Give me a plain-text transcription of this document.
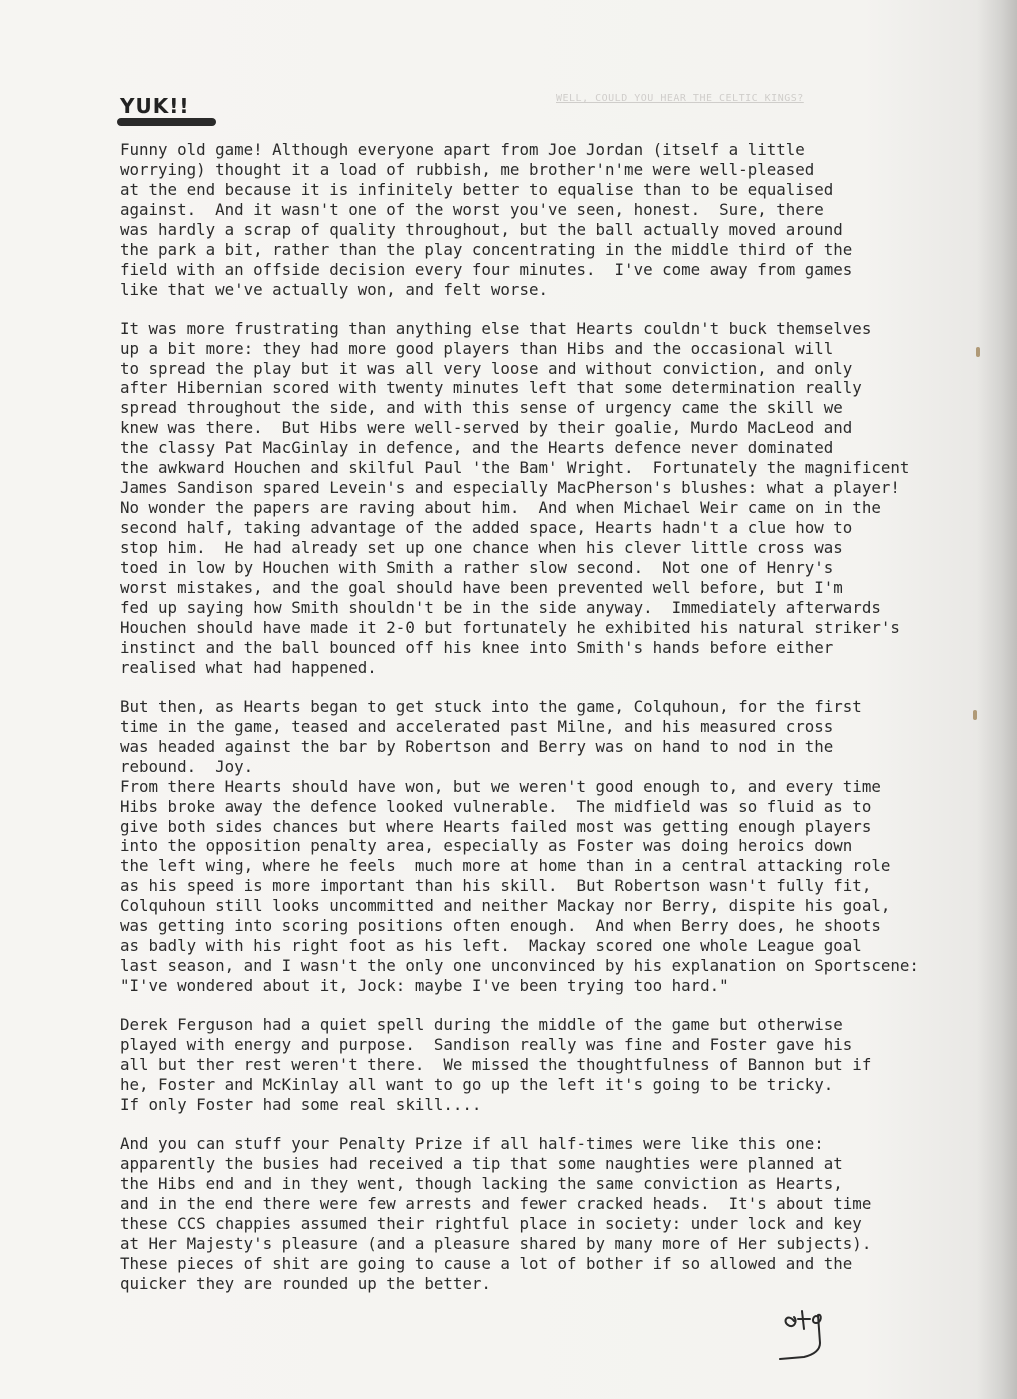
WELL, COULD YOU HEAR THE CELTIC KINGS?
YUK!!
Funny old game! Although everyone apart from Joe Jordan (itself a little
worrying) thought it a load of rubbish, me brother'n'me were well-pleased
at the end because it is infinitely better to equalise than to be equalised
against.  And it wasn't one of the worst you've seen, honest.  Sure, there
was hardly a scrap of quality throughout, but the ball actually moved around
the park a bit, rather than the play concentrating in the middle third of the
field with an offside decision every four minutes.  I've come away from games
like that we've actually won, and felt worse.
It was more frustrating than anything else that Hearts couldn't buck themselves
up a bit more: they had more good players than Hibs and the occasional will
to spread the play but it was all very loose and without conviction, and only
after Hibernian scored with twenty minutes left that some determination really
spread throughout the side, and with this sense of urgency came the skill we
knew was there.  But Hibs were well-served by their goalie, Murdo MacLeod and
the classy Pat MacGinlay in defence, and the Hearts defence never dominated
the awkward Houchen and skilful Paul 'the Bam' Wright.  Fortunately the magnificent
James Sandison spared Levein's and especially MacPherson's blushes: what a player!
No wonder the papers are raving about him.  And when Michael Weir came on in the
second half, taking advantage of the added space, Hearts hadn't a clue how to
stop him.  He had already set up one chance when his clever little cross was
toed in low by Houchen with Smith a rather slow second.  Not one of Henry's
worst mistakes, and the goal should have been prevented well before, but I'm
fed up saying how Smith shouldn't be in the side anyway.  Immediately afterwards
Houchen should have made it 2-0 but fortunately he exhibited his natural striker's
instinct and the ball bounced off his knee into Smith's hands before either
realised what had happened.
But then, as Hearts began to get stuck into the game, Colquhoun, for the first
time in the game, teased and accelerated past Milne, and his measured cross
was headed against the bar by Robertson and Berry was on hand to nod in the
rebound.  Joy.
From there Hearts should have won, but we weren't good enough to, and every time
Hibs broke away the defence looked vulnerable.  The midfield was so fluid as to
give both sides chances but where Hearts failed most was getting enough players
into the opposition penalty area, especially as Foster was doing heroics down
the left wing, where he feels  much more at home than in a central attacking role
as his speed is more important than his skill.  But Robertson wasn't fully fit,
Colquhoun still looks uncommitted and neither Mackay nor Berry, dispite his goal,
was getting into scoring positions often enough.  And when Berry does, he shoots
as badly with his right foot as his left.  Mackay scored one whole League goal
last season, and I wasn't the only one unconvinced by his explanation on Sportscene:
"I've wondered about it, Jock: maybe I've been trying too hard."
Derek Ferguson had a quiet spell during the middle of the game but otherwise
played with energy and purpose.  Sandison really was fine and Foster gave his
all but ther rest weren't there.  We missed the thoughtfulness of Bannon but if
he, Foster and McKinlay all want to go up the left it's going to be tricky.
If only Foster had some real skill....
And you can stuff your Penalty Prize if all half-times were like this one:
apparently the busies had received a tip that some naughties were planned at
the Hibs end and in they went, though lacking the same conviction as Hearts,
and in the end there were few arrests and fewer cracked heads.  It's about time
these CCS chappies assumed their rightful place in society: under lock and key
at Her Majesty's pleasure (and a pleasure shared by many more of Her subjects).
These pieces of shit are going to cause a lot of bother if so allowed and the
quicker they are rounded up the better.
